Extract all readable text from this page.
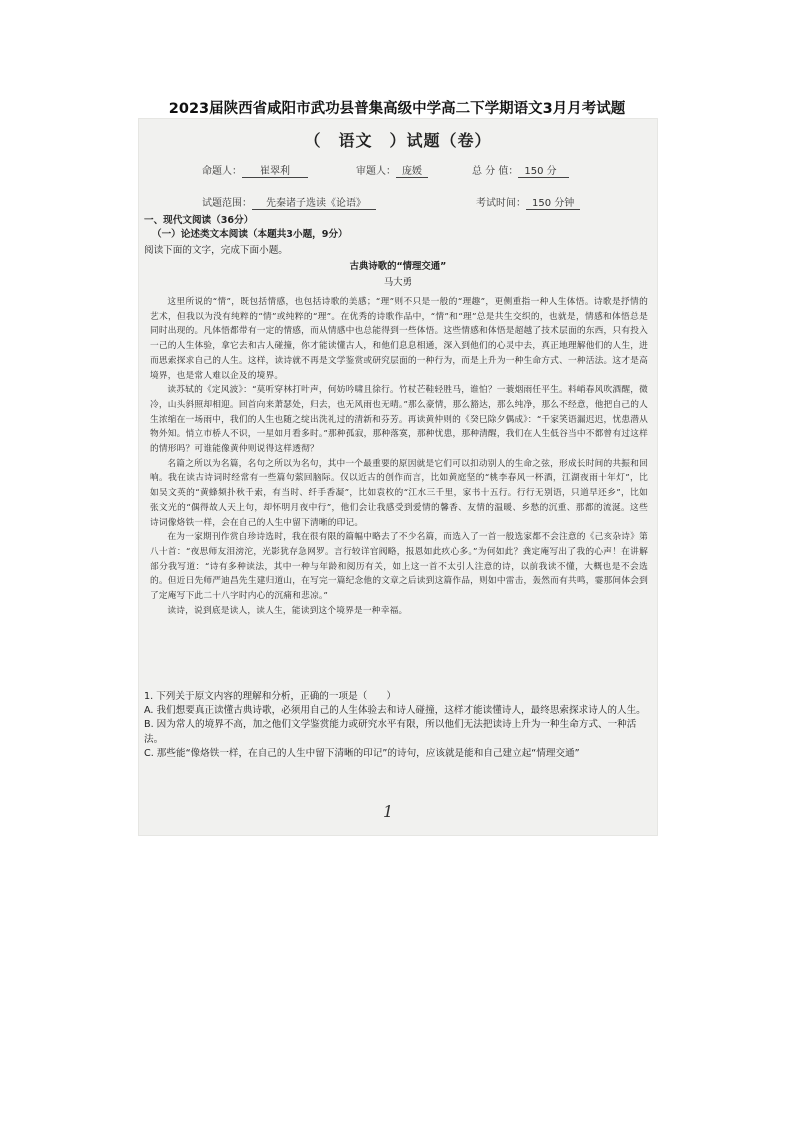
2023届陕西省咸阳市武功县普集高级中学高二下学期语文3月月考试题
（　语文　）试题（卷）
命题人： 崔翠利	审题人： 庞媛	总 分 值： 150 分
试题范围： 先秦诸子选读《论语》	考试时间： 150 分钟
一、现代文阅读（36分）
（一）论述类文本阅读（本题共3小题，9分）
阅读下面的文字，完成下面小题。
古典诗歌的“情理交通”
马大勇

这里所说的“情”，既包括情感，也包括诗歌的美感；“理”则不只是一般的“理趣”，更侧重指一种人生体悟。诗歌是抒情的艺术，但我以为没有纯粹的“情”或纯粹的“理”。在优秀的诗歌作品中，“情”和“理”总是共生交织的，也就是，情感和体悟总是同时出现的。凡体悟都带有一定的情感，而从情感中也总能得到一些体悟。这些情感和体悟是超越了技术层面的东西，只有投入一己的人生体验，拿它去和古人碰撞，你才能读懂古人，和他们息息相通，深入到他们的心灵中去，真正地理解他们的人生，进而思索探求自己的人生。这样，读诗就不再是文学鉴赏或研究层面的一种行为，而是上升为一种生命方式、一种活法。这才是高境界，也是常人难以企及的境界。

读苏轼的《定风波》：“莫听穿林打叶声，何妨吟啸且徐行。竹杖芒鞋轻胜马，谁怕？一蓑烟雨任平生。料峭春风吹酒醒，微冷，山头斜照却相迎。回首向来萧瑟处，归去，也无风雨也无晴。”那么豪情，那么豁达，那么纯净，那么不经意，他把自己的人生浓缩在一场雨中，我们的人生也随之绽出洗礼过的清新和芬芳。再读黄仲则的《癸巳除夕偶成》：“千家笑语漏迟迟，忧患潜从物外知。悄立市桥人不识，一星如月看多时。”那种孤寂，那种落寞，那种忧患，那种清醒，我们在人生低谷当中不都曾有过这样的情形吗？可谁能像黄仲则说得这样透彻？

名篇之所以为名篇，名句之所以为名句，其中一个最重要的原因就是它们可以扣动别人的生命之弦，形成长时间的共振和回响。我在读古诗词时经常有一些篇句萦回脑际。仅以近古的创作而言，比如黄庭坚的“桃李春风一杯酒，江湖夜雨十年灯”，比如吴文英的“黄蜂频扑秋千索，有当时、纤手香凝”，比如袁枚的“江水三千里，家书十五行。行行无别语，只道早还乡”，比如张文光的“偶得故人天上句，却怀明月夜中行”，他们会让我感受到爱情的馨香、友情的温暖、乡愁的沉重、那都的流涎。这些诗词像烙铁一样，会在自己的人生中留下清晰的印记。

在为一家期刊作赏自珍诗选时，我在很有限的篇幅中略去了不少名篇，而选入了一首一般选家都不会注意的《己亥杂诗》第八十首：“夜思师友泪滂沱，光影犹存急网罗。言行较详官阀略，报恩如此疚心多。”为何如此？龚定庵写出了我的心声！在讲解部分我写道：“诗有多种读法，其中一种与年龄和阅历有关，如上这一首不太引人注意的诗，以前我读不懂，大概也是不会选的。但近日先师严迪昌先生建归道山，在写完一篇纪念他的文章之后读到这篇作品，则如中雷击，轰然而有共鸣，霎那间体会到了定庵写下此二十八字时内心的沉痛和悲凉。”

读诗，说到底是读人，读人生，能读到这个境界是一种幸福。

1. 下列关于原文内容的理解和分析，正确的一项是（　　）

A. 我们想要真正读懂古典诗歌，必须用自己的人生体验去和诗人碰撞，这样才能读懂诗人，最终思索探求诗人的人生。

B. 因为常人的境界不高，加之他们文学鉴赏能力或研究水平有限，所以他们无法把读诗上升为一种生命方式、一种活法。

C. 那些能“像烙铁一样，在自己的人生中留下清晰的印记”的诗句，应该就是能和自己建立起“情理交通”

1
